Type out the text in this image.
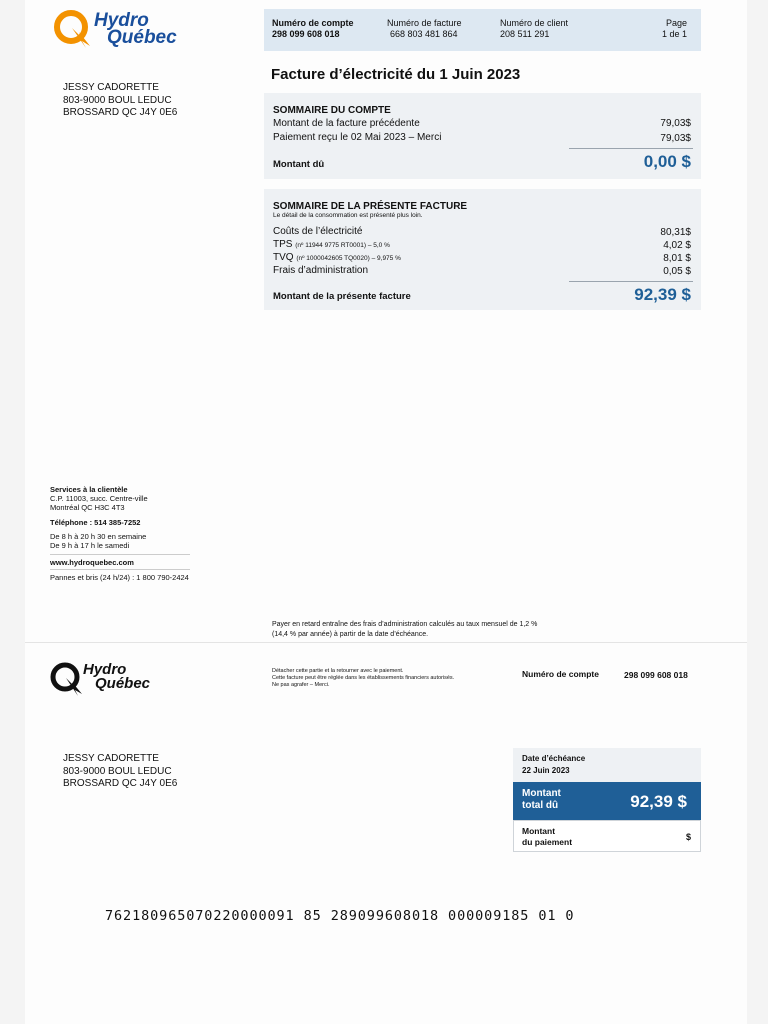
Hydro
Québec
Numéro de compte
298 099 608 018
Numéro de facture
668 803 481 864
Numéro de client
208 511 291
Page
1 de 1
JESSY CADORETTE
803-9000 BOUL LEDUC
BROSSARD QC J4Y 0E6
Facture d’électricité du 1 Juin 2023
SOMMAIRE DU COMPTE
Montant de la facture précédente	79,03$
Paiement reçu le 02 Mai 2023 – Merci	79,03$
Montant dû	0,00 $
SOMMAIRE DE LA PRÉSENTE FACTURE
Le détail de la consommation est présenté plus loin.
Coûts de l’électricité	80,31$
TPS (nº 11944 9775 RT0001) – 5,0 %	4,02 $
TVQ (nº 1000042605 TQ0020) – 9,975 %	8,01 $
Frais d’administration	0,05 $
Montant de la présente facture	92,39 $
Services à la clientèle
C.P. 11003, succ. Centre-ville
Montréal QC H3C 4T3
Téléphone : 514 385-7252
De 8 h à 20 h 30 en semaine
De 9 h à 17 h le samedi
www.hydroquebec.com
Pannes et bris (24 h/24) : 1 800 790-2424
Payer en retard entraîne des frais d’administration calculés au taux mensuel de 1,2 %
(14,4 % par année) à partir de la date d’échéance.
Hydro
Québec
Détacher cette partie et la retourner avec le paiement.
Cette facture peut être réglée dans les établissements financiers autorisés.
Ne pas agrafer – Merci.
Numéro de compte	298 099 608 018
JESSY CADORETTE
803-9000 BOUL LEDUC
BROSSARD QC J4Y 0E6
Date d’échéance
22 Juin 2023
Montant
total dû	92,39 $
Montant
du paiement	$
762180965070220000091 85 289099608018 000009185 01 0
